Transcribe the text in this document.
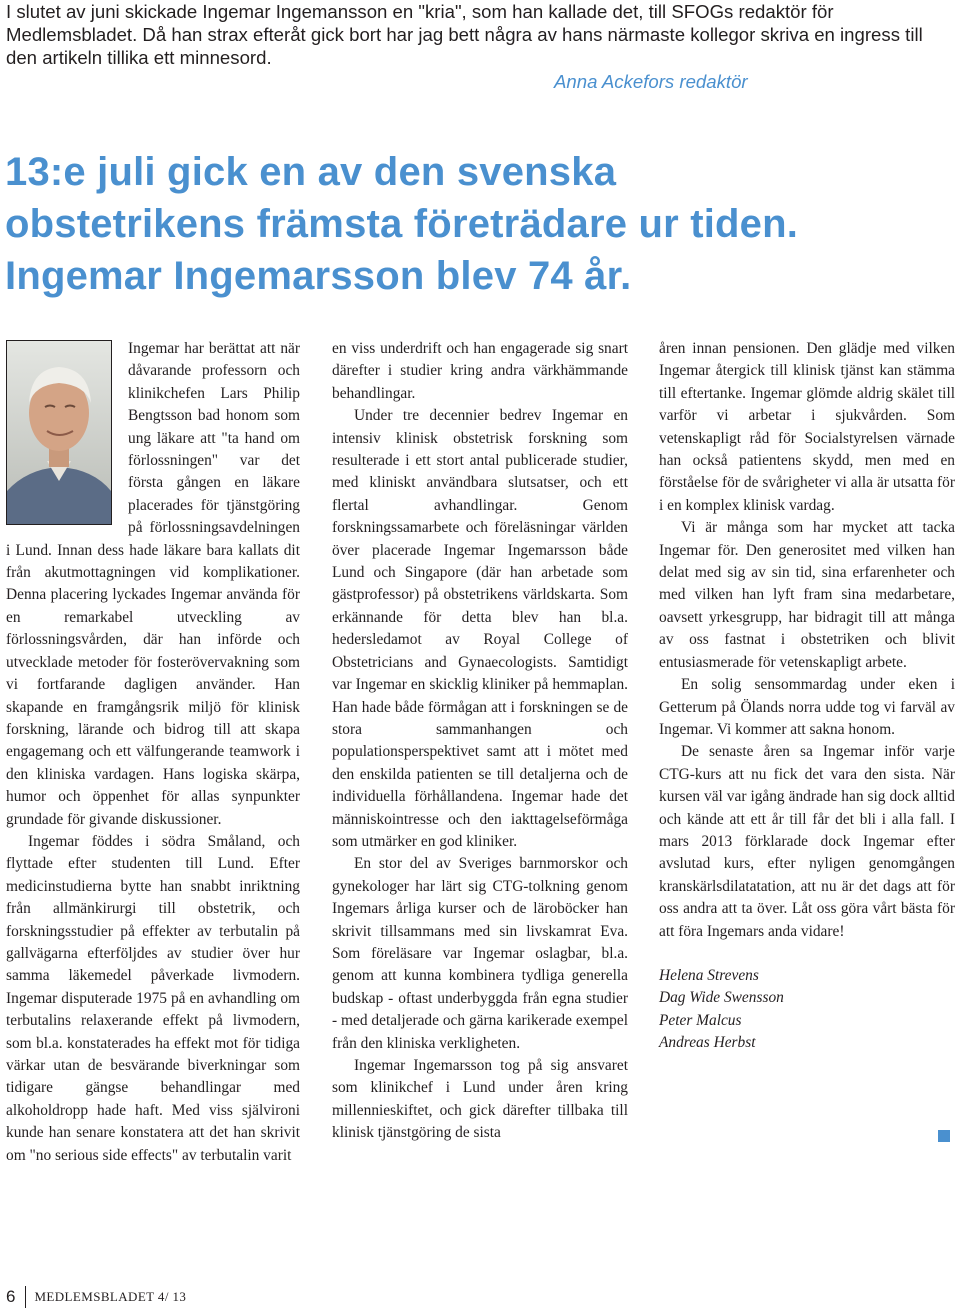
I slutet av juni skickade Ingemar Ingemansson en "kria", som han kallade det, till SFOGs redaktör för Medlemsbladet. Då han strax efteråt gick bort har jag bett några av hans närmaste kollegor skriva en ingress till den artikeln tillika ett minnesord.

Anna Ackefors redaktör

13:e juli gick en av den svenska
obstetrikens främsta företrädare ur tiden.
Ingemar Ingemarsson blev 74 år.

Ingemar har berättat att när dåvarande professorn och klinikchefen Lars Philip Bengtsson bad honom som ung läkare att "ta hand om förlossningen" var det första gången en läkare placerades för tjänstgöring på förlossningsavdelningen i Lund. Innan dess hade läkare bara kallats dit från akutmottagningen vid komplikationer. Denna placering lyckades Ingemar använda för en remarkabel utveckling av förlossningsvården, där han införde och utvecklade metoder för fosterövervakning som vi fortfarande dagligen använder. Han skapande en framgångsrik miljö för klinisk forskning, lärande och bidrog till att skapa engagemang och ett välfungerande teamwork i den kliniska vardagen. Hans logiska skärpa, humor och öppenhet för allas synpunkter grundade för givande diskussioner.

Ingemar föddes i södra Småland, och flyttade efter studenten till Lund. Efter medicinstudierna bytte han snabbt inriktning från allmänkirurgi till obstetrik, och forskningsstudier på effekter av terbutalin på gallvägarna efterföljdes av studier över hur samma läkemedel påverkade livmodern. Ingemar disputerade 1975 på en avhandling om terbutalins relaxerande effekt på livmodern, som bl.a. konstaterades ha effekt mot för tidiga värkar utan de besvärande biverkningar som tidigare gängse behandlingar med alkoholdropp hade haft. Med viss självironi kunde han senare konstatera att det han skrivit om "no serious side effects" av terbutalin varit

en viss underdrift och han engagerade sig snart därefter i studier kring andra värkhämmande behandlingar.

Under tre decennier bedrev Ingemar en intensiv klinisk obstetrisk forskning som resulterade i ett stort antal publicerade studier, med kliniskt användbara slutsatser, och ett flertal avhandlingar. Genom forskningssamarbete och föreläsningar världen över placerade Ingemar Ingemarsson både Lund och Singapore (där han arbetade som gästprofessor) på obstetrikens världskarta. Som erkännande för detta blev han bl.a. hedersledamot av Royal College of Obstetricians and Gynaecologists. Samtidigt var Ingemar en skicklig kliniker på hemmaplan. Han hade både förmågan att i forskningen se de stora sammanhangen och populationsperspektivet samt att i mötet med den enskilda patienten se till detaljerna och de individuella förhållandena. Ingemar hade det människointresse och den iakttagelseförmåga som utmärker en god kliniker.

En stor del av Sveriges barnmorskor och gynekologer har lärt sig CTG-tolkning genom Ingemars årliga kurser och de läroböcker han skrivit tillsammans med sin livskamrat Eva. Som föreläsare var Ingemar oslagbar, bl.a. genom att kunna kombinera tydliga generella budskap - oftast underbyggda från egna studier - med detaljerade och gärna karikerade exempel från den kliniska verkligheten.

Ingemar Ingemarsson tog på sig ansvaret som klinikchef i Lund under åren kring millennieskiftet, och gick därefter tillbaka till klinisk tjänstgöring de sista

åren innan pensionen. Den glädje med vilken Ingemar återgick till klinisk tjänst kan stämma till eftertanke. Ingemar glömde aldrig skälet till varför vi arbetar i sjukvården. Som vetenskapligt råd för Socialstyrelsen värnade han också patientens skydd, men med en förståelse för de svårigheter vi alla är utsatta för i en komplex klinisk vardag.

Vi är många som har mycket att tacka Ingemar för. Den generositet med vilken han delat med sig av sin tid, sina erfarenheter och med vilken han lyft fram sina medarbetare, oavsett yrkesgrupp, har bidragit till att många av oss fastnat i obstetriken och blivit entusiasmerade för vetenskapligt arbete.

En solig sensommardag under eken i Getterum på Ölands norra udde tog vi farväl av Ingemar. Vi kommer att sakna honom.

De senaste åren sa Ingemar inför varje CTG-kurs att nu fick det vara den sista. När kursen väl var igång ändrade han sig dock alltid och kände att ett år till får det bli i alla fall. I mars 2013 förklarade dock Ingemar efter avslutad kurs, efter nyligen genomgången kranskärlsdilatatation, att nu är det dags att för oss andra att ta över. Låt oss göra vårt bästa för att föra Ingemars anda vidare!

Helena Strevens
Dag Wide Swensson
Peter Malcus
Andreas Herbst
6 MEDLEMSBLADET 4/ 13
